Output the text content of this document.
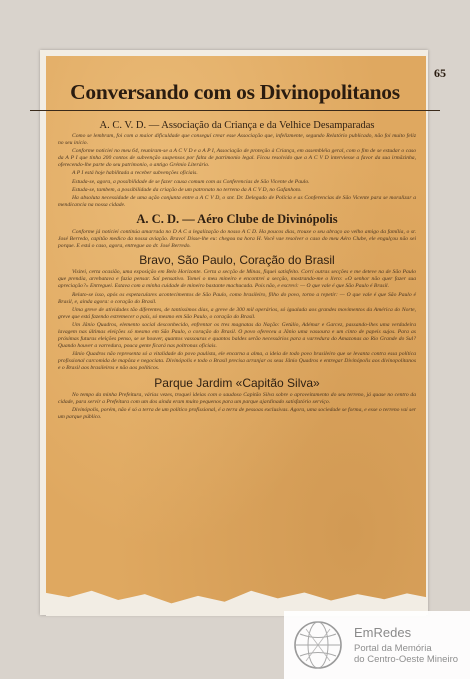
65
Conversando com os Divinopolitanos
A. C. V. D. — Associação da Criança e da Velhice Desamparadas

Como se lembram, foi com a maior dificuldade que conseguí crear esse Associação que, infelizmente, segundo Relatório publicado, não foi muito feliz no seu início.

Conforme noticiei no meu 64, reuniram-se a A C V D e a A P I, Associação de proteção à Criança, em assembléia geral, com o fim de se estudar o caso da A P I que tinha 200 contos de subvenção suspensos por falta de patrimonio legal. Ficou resolvido que a A C V D interviesse a favor da sua irmãzinha, oferecendo-lhe parte do seu patrimonio, o antigo Grémio Literário.

A P I está hoje habilitada a receber subvenções oficiais.

Estuda-se, agora, a possibilidade de se fazer causa comum com as Conferencias de São Vicente de Paulo.

Estuda-se, tambem, a possibilidade da criação de um patronato no terreno da A C V D, no Gafanhoto.

Ha absoluta necessidade de uma ação conjunta entre a A C V D, o snr. Dr. Delegado de Polícia e as Conferencias de São Vicente para se moralizar a mendicancia na nossa cidade.

A. C. D. — Aéro Clube de Divinópolis

Conforme já noticiei continúa amarrada no D A C a legalização do nosso A C D. Ha poucos dias, trouxe o seu abraço ao velho amigo da família, o sr. José Berredo, capitão medico da nossa aviação. Bravo! Disse-lhe eu: chegou na hora H. Você vae resolver o caso do meu Aéro Clube, ele engulçou não sei porque. E está o caso, agora, entregue ao dr. José Berredo.

Bravo, São Paulo, Coração do Brasil

Visitei, certa ocasião, uma exposição em Belo Horizonte. Certa a secção de Minas, fiquei satisfeito. Corri outras secções e me deteve na de São Paulo que prendia, arrebatava e fazia pensar. Saí pensativo. Tomei o meu mineiro e encontrei a secção, mostrando-me o livro: «O senhor não quer fazer sua apreciação?» Entreguei. Estava com a minha cuidade de mineiro bastante machucada. Pois não, e escrevi: — O que vale é que São Paulo é Brasil.

Relato-se isso, após os espetaculares acontecimentos de São Paulo, como brasileiro, filho do povo, torno a repetir: — O que vale é que São Paulo é Brasil, e, ainda agora: o coração do Brasil.

Uma greve de atividades tão diferentes, de tantissimos dias, a greve de 300 mil operários, só igualada aos grandes movimentos da América do Norte, greve que está fazendo estremecer o país, só mesmo em São Paulo, o coração do Brasil.

Um Jânio Quadros, elemento social desconhecido, enfrentar os tres magnatas da Nação: Getúlio, Adémar e Garcez, passando-lhes uma verdadeira lavagem nas últimas eleições só mesmo em São Paulo, o coração do Brasil. O povo ofereceu a Jânio uma vassoura e um cinto de papeis sujos. Para as próximas futuras eleições penso, se se houver, quantos vassouras e quantos baldes serão necessários para a varredura do Amazonas ao Rio Grande do Sul? Quando houver a varredura, pouca gente ficará nas poltronas oficiais.

Jânio Quadros não representa só a vitalidade do povo paulista, ele encarna a alma, a ideia de todo povo brasileiro que se levanta contra essa política profissional carcomida de mapôza e negociata. Divinópolis e todo o Brasil precisa arranjar os seus Jânio Quadros e entregar Divinópolis aos divinopolitanos e o Brasil aos brasileiros e não aos políticos.

Parque Jardim «Capitão Silva»

No tempo da minha Prefeitura, várias vezes, troquei ideias com o saudoso Capitão Silva sobre o aproveitamento do seu terreno, já quase no centro da cidade, para servir a Prefeitura com um dos ainda eram muito pequenos para um parque ajardinado satisfatório serviço.

Divinópolis, porém, não é só a terra de um político profissional, é a terra de pessoas exclusivas. Agora, uma sociedade se forma, e esse o terreno vai ser um parque público.

EmRedes
Portal da Memória
do Centro-Oeste Mineiro
